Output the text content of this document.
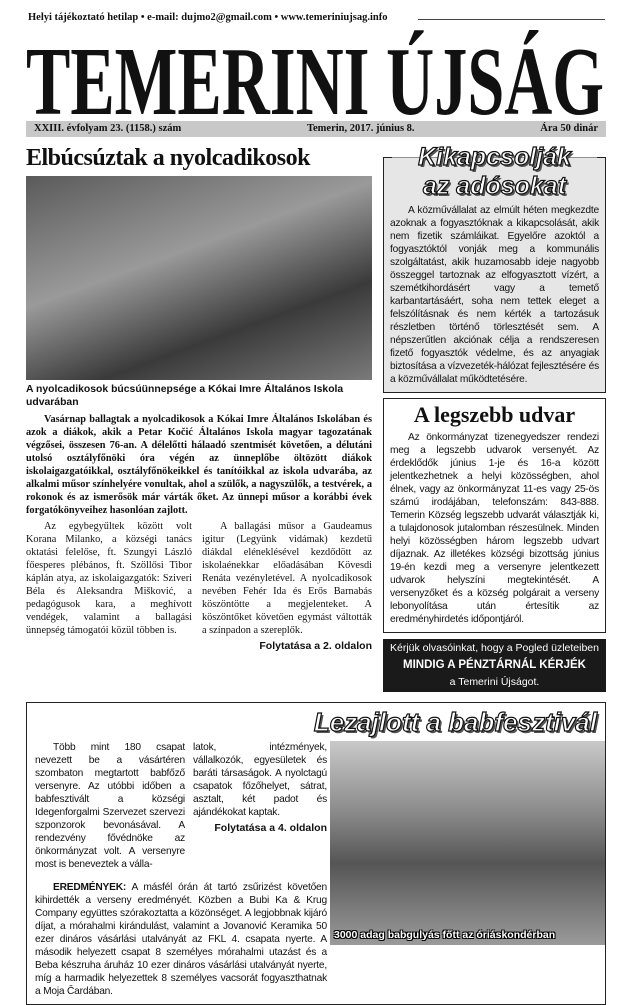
Helyi tájékoztató hetilap • e-mail: dujmo2@gmail.com • www.temeriniujsag.info
TEMERINI ÚJSÁG
XXIII. évfolyam 23. (1158.) szám	Temerin, 2017. június 8.	Ára 50 dinár
Elbúcsúztak a nyolcadikosok
A nyolcadikosok búcsúünnepsége a Kókai Imre Általános Iskola udvarában

Vasárnap ballagtak a nyolcadikosok a Kókai Imre Általános Iskolában és azok a diákok, akik a Petar Kočić Általános Iskola magyar tagozatának végzősei, összesen 76-an. A délelőtti hálaadó szentmisét követően, a délutáni utolsó osztályfőnöki óra végén az ünneplőbe öltözött diákok iskolaigazgatóikkal, osztályfőnökeikkel és tanítóikkal az iskola udvarába, az alkalmi műsor színhelyére vonultak, ahol a szülők, a nagyszülők, a testvérek, a rokonok és az ismerősök már várták őket. Az ünnepi műsor a korábbi évek forgatókönyveihez hasonlóan zajlott.

Az egybegyűltek között volt Korana Milanko, a községi tanács oktatási felelőse, ft. Szungyi László főesperes plébános, ft. Szöllősi Tibor káplán atya, az iskolaigazgatók: Sziveri Béla és Aleksandra Mišković, a pedagógusok kara, a meghívott vendégek, valamint a ballagási ünnepség támogatói közül többen is.

A ballagási műsor a Gaudeamus igitur (Legyünk vidámak) kezdetű diákdal eléneklésével kezdődött az iskolaénekkar előadásában Kövesdi Renáta vezényletével. A nyolcadikosok nevében Fehér Ida és Erős Barnabás köszöntötte a megjelenteket. A köszöntőket követően egymást váltották a színpadon a szereplők.

Folytatása a 2. oldalon
Kikapcsolják
az adósokat

A közművállalat az elmúlt héten megkezdte azoknak a fogyasztóknak a kikapcsolását, akik nem fizetik számláikat. Egyelőre azoktól a fogyasztóktól vonják meg a kommunális szolgáltatást, akik huzamosabb ideje nagyobb összeggel tartoznak az elfogyasztott vízért, a szemétkihordásért vagy a temető karbantartásáért, soha nem tettek eleget a felszólításnak és nem kérték a tartozásuk részletben történő törlesztését sem. A népszerűtlen akciónak célja a rendszeresen fizető fogyasztók védelme, és az anyagiak biztosítása a vízvezeték-hálózat fejlesztésére és a közművállalat működtetésére.

A legszebb udvar

Az önkormányzat tizenegyedszer rendezi meg a legszebb udvarok versenyét. Az érdeklődők június 1-je és 16-a között jelentkezhetnek a helyi közösségben, ahol élnek, vagy az önkormányzat 11-es vagy 25-ös számú irodájában, telefonszám: 843-888. Temerin Község legszebb udvarát választják ki, a tulajdonosok jutalomban részesülnek. Minden helyi közösségben három legszebb udvart díjaznak. Az illetékes községi bizottság június 19-én kezdi meg a versenyre jelentkezett udvarok helyszíni megtekintését. A versenyzőket és a község polgárait a verseny lebonyolítása után értesítik az eredményhirdetés időpontjáról.

Kérjük olvasóinkat, hogy a Pogled üzleteiben
MINDIG A PÉNZTÁRNÁL KÉRJÉK
a Temerini Újságot.
Lezajlott a babfesztivál

Több mint 180 csapat nevezett be a vásártéren szombaton megtartott babfőző versenyre. Az utóbbi időben a babfesztivált a községi Idegenforgalmi Szervezet szervezi szponzorok bevonásával. A rendezvény fővédnöke az önkormányzat volt. A versenyre most is beneveztek a válla-

latok, intézmények, vállalkozók, egyesületek és baráti társaságok. A nyolctagú csapatok főzőhelyet, sátrat, asztalt, két padot és ajándékokat kaptak.

Folytatása a 4. oldalon

EREDMÉNYEK: A másfél órán át tartó zsűrizést követően kihirdették a verseny eredményét. Közben a Bubi Ka & Krug Company együttes szórakoztatta a közönséget. A legjobbnak kijáró díjat, a mórahalmi kirándulást, valamint a Jovanović Keramika 50 ezer dináros vásárlási utalványát az FKL 4. csapata nyerte. A második helyezett csapat 8 személyes mórahalmi utazást és a Beba készruha áruház 10 ezer dináros vásárlási utalványát nyerte, míg a harmadik helyezettek 8 személyes vacsorát fogyaszthatnak a Moja Čardában.

3000 adag babgulyás főtt az óriáskondérban
